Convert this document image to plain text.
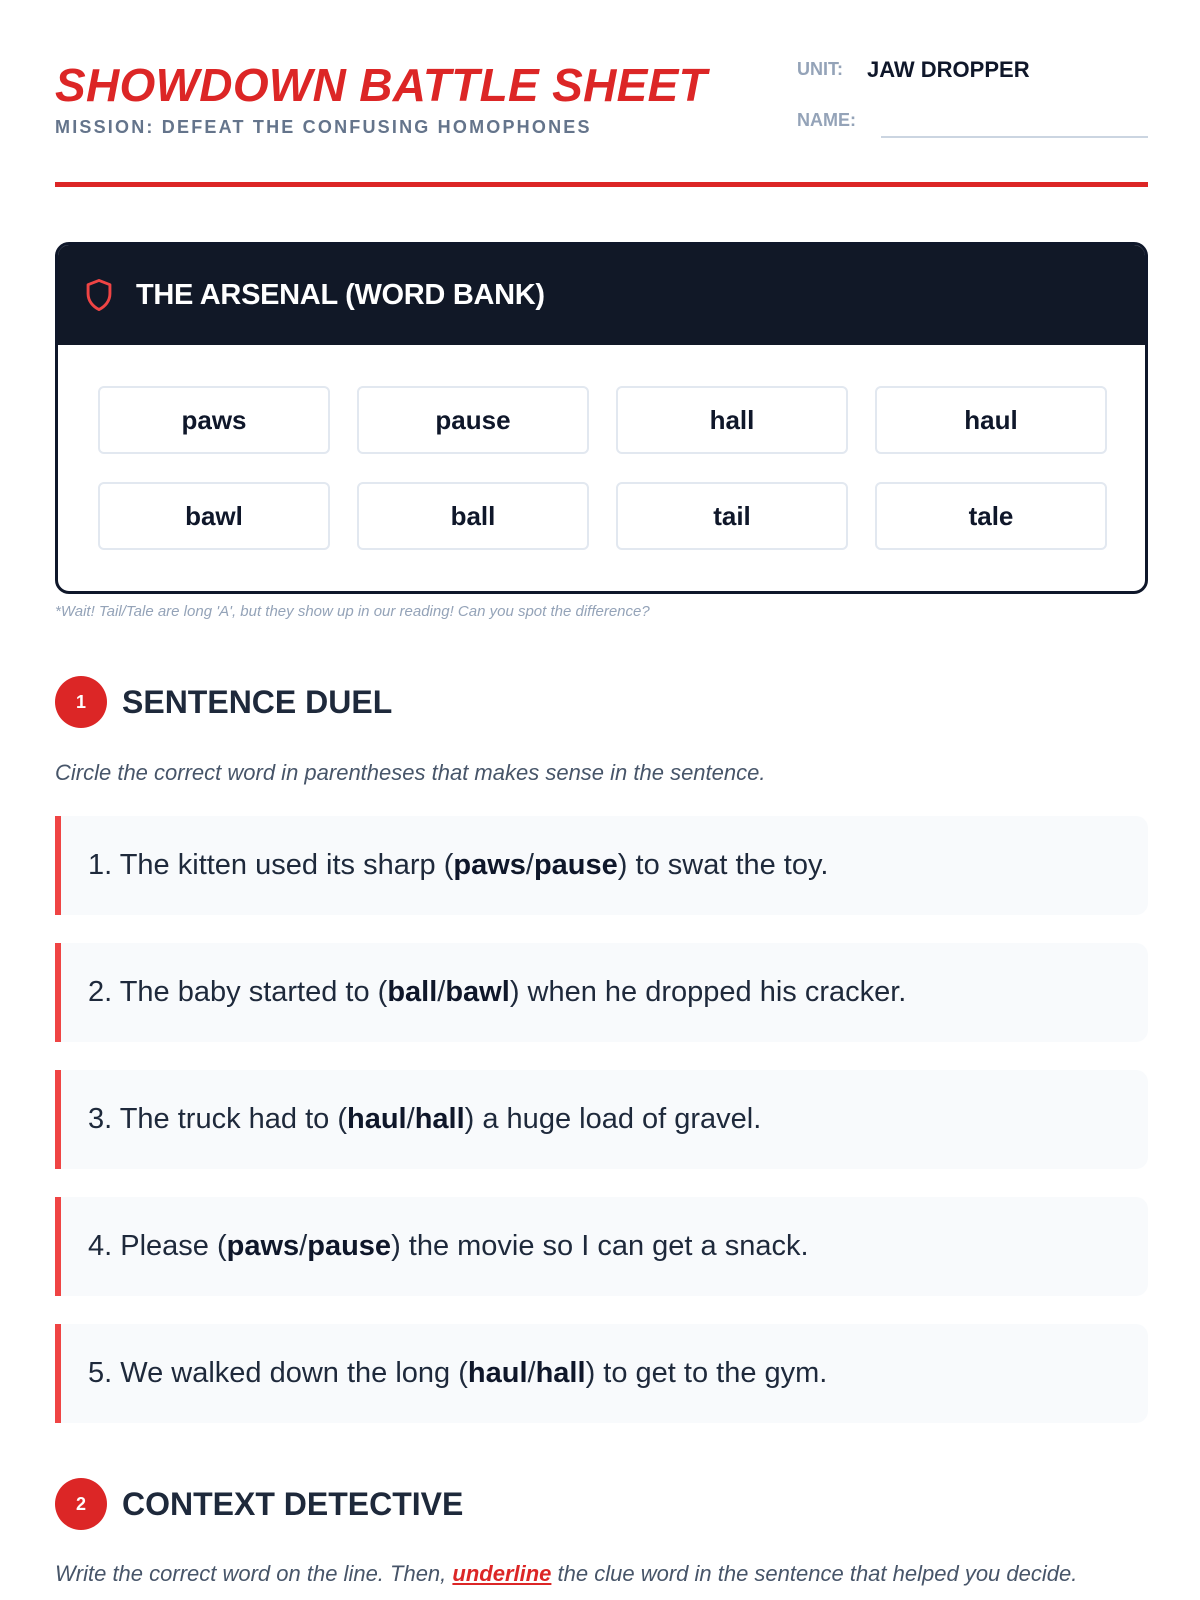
SHOWDOWN BATTLE SHEET
MISSION: DEFEAT THE CONFUSING HOMOPHONES
UNIT: JAW DROPPER
NAME:
THE ARSENAL (WORD BANK)
paws	pause	hall	haul
bawl	ball	tail	tale
*Wait! Tail/Tale are long 'A', but they show up in our reading! Can you spot the difference?
1	SENTENCE DUEL
Circle the correct word in parentheses that makes sense in the sentence.
1. The kitten used its sharp ( paws / pause ) to swat the toy.
2. The baby started to ( ball / bawl ) when he dropped his cracker.
3. The truck had to ( haul / hall ) a huge load of gravel.
4. Please ( paws / pause ) the movie so I can get a snack.
5. We walked down the long ( haul / hall ) to get to the gym.
2	CONTEXT DETECTIVE
Write the correct word on the line. Then, underline the clue word in the sentence that helped you decide.
